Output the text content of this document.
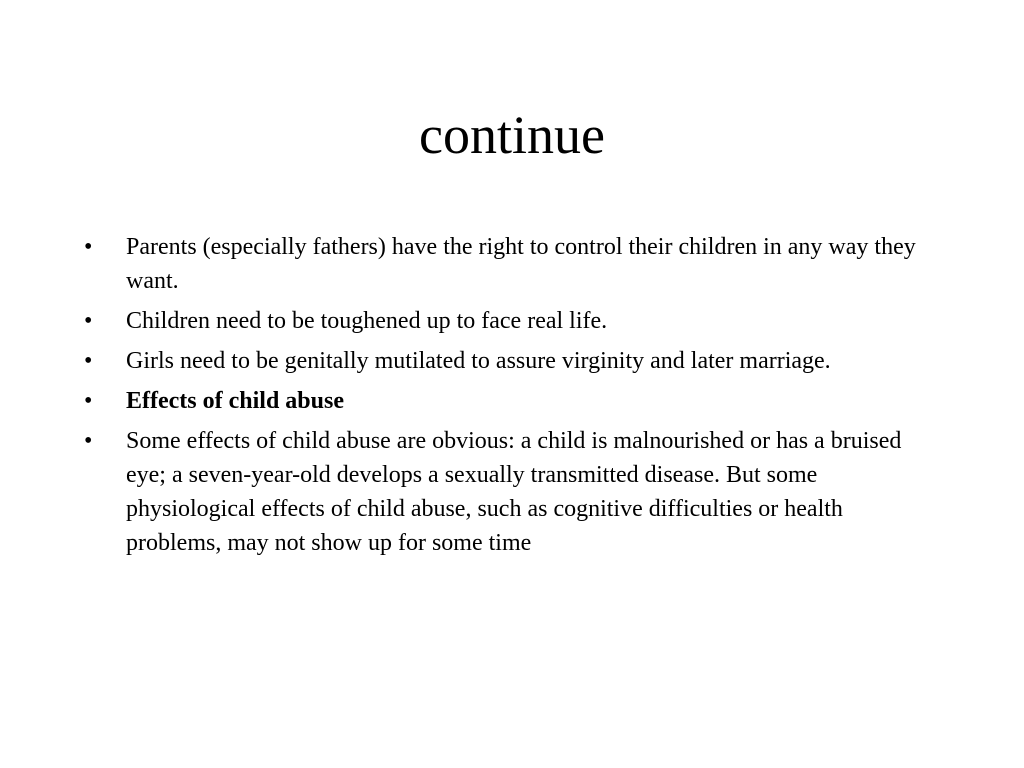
continue
•	Parents (especially fathers) have the right to control their children in any way they want.
•	Children need to be toughened up to face real life.
•	Girls need to be genitally mutilated to assure virginity and later marriage.
•	Effects of child abuse
•	Some effects of child abuse are obvious: a child is malnourished or has a bruised eye; a seven-year-old develops a sexually transmitted disease. But some physiological effects of child abuse, such as cognitive difficulties or health problems, may not show up for some time
